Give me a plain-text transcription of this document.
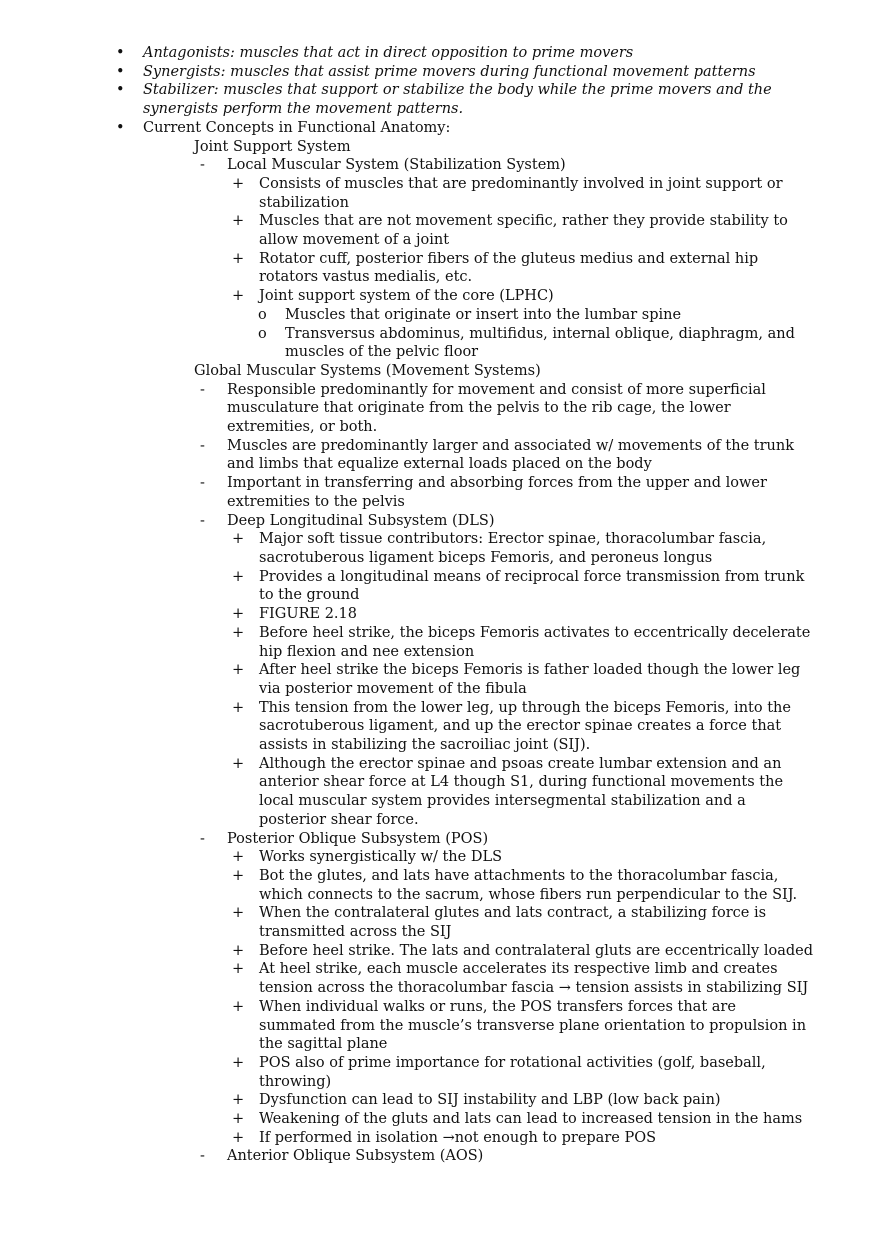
• Antagonists: muscles that act in direct opposition to prime movers
• Synergists: muscles that assist prime movers during functional movement patterns
• Stabilizer: muscles that support or stabilize the body while the prime movers and the synergists perform the movement patterns.
• Current Concepts in Functional Anatomy:
Joint Support System
- Local Muscular System (Stabilization System)
+ Consists of muscles that are predominantly involved in joint support or stabilization
+ Muscles that are not movement specific, rather they provide stability to allow movement of a joint
+ Rotator cuff, posterior fibers of the gluteus medius and external hip rotators vastus medialis, etc.
+ Joint support system of the core (LPHC)
o Muscles that originate or insert into the lumbar spine
o Transversus abdominus, multifidus, internal oblique, diaphragm, and muscles of the pelvic floor
Global Muscular Systems (Movement Systems)
- Responsible predominantly for movement and consist of more superficial musculature that originate from the pelvis to the rib cage, the lower extremities, or both.
- Muscles are predominantly larger and associated w/ movements of the trunk and limbs that equalize external loads placed on the body
- Important in transferring and absorbing forces from the upper and lower extremities to the pelvis
- Deep Longitudinal Subsystem (DLS)
+ Major soft tissue contributors: Erector spinae, thoracolumbar fascia, sacrotuberous ligament biceps Femoris, and peroneus longus
+ Provides a longitudinal means of reciprocal force transmission from trunk to the ground
+ FIGURE 2.18
+ Before heel strike, the biceps Femoris activates to eccentrically decelerate hip flexion and nee extension
+ After heel strike the biceps Femoris is father loaded though the lower leg via posterior movement of the fibula
+ This tension from the lower leg, up through the biceps Femoris, into the sacrotuberous ligament, and up the erector spinae creates a force that assists in stabilizing the sacroiliac joint (SIJ).
+ Although the erector spinae and psoas create lumbar extension and an anterior shear force at L4 though S1, during functional movements the local muscular system provides intersegmental stabilization and a posterior shear force.
- Posterior Oblique Subsystem (POS)
+ Works synergistically w/ the DLS
+ Bot the glutes, and lats have attachments to the thoracolumbar fascia, which connects to the sacrum, whose fibers run perpendicular to the SIJ.
+ When the contralateral glutes and lats contract, a stabilizing force is transmitted across the SIJ
+ Before heel strike. The lats and contralateral gluts are eccentrically loaded
+ At heel strike, each muscle accelerates its respective limb and creates tension across the thoracolumbar fascia → tension assists in stabilizing SIJ
+ When individual walks or runs, the POS transfers forces that are summated from the muscle’s transverse plane orientation to propulsion in the sagittal plane
+ POS also of prime importance for rotational activities (golf, baseball, throwing)
+ Dysfunction can lead to SIJ instability and LBP (low back pain)
+ Weakening of the gluts and lats can lead to increased tension in the hams
+ If performed in isolation →not enough to prepare POS
- Anterior Oblique Subsystem (AOS)
